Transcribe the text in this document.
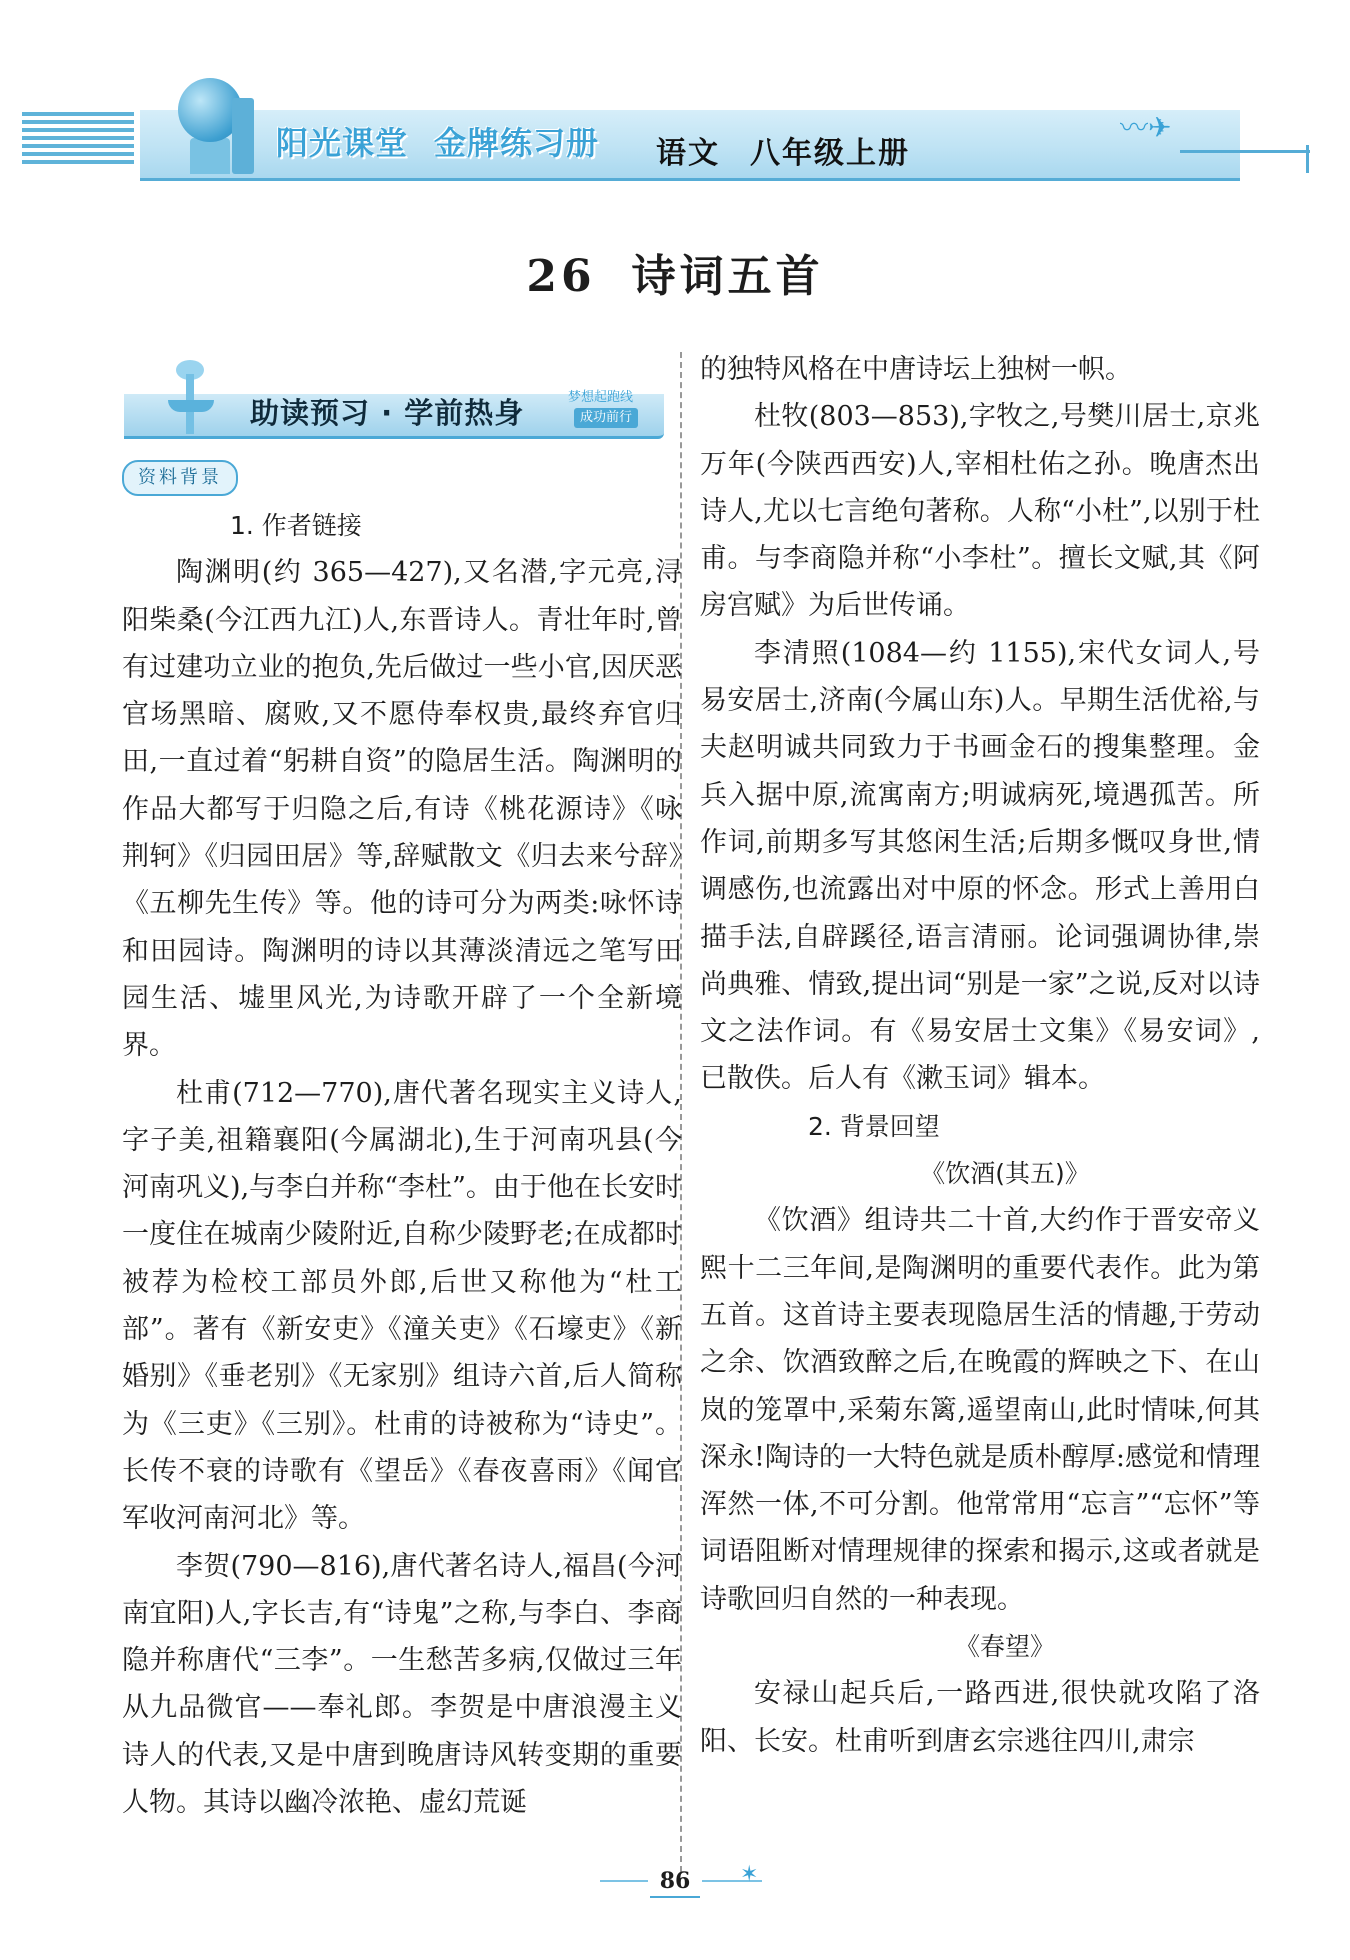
阳光课堂 金牌练习册	语文 八年级上册
〰✈
26 诗词五首
助读预习 · 学前热身	梦想起跑线
成功前行
资料背景

1. 作者链接

陶渊明(约 365—427),又名潜,字元亮,浔阳柴桑(今江西九江)人,东晋诗人。青壮年时,曾有过建功立业的抱负,先后做过一些小官,因厌恶官场黑暗、腐败,又不愿侍奉权贵,最终弃官归田,一直过着“躬耕自资”的隐居生活。陶渊明的作品大都写于归隐之后,有诗《桃花源诗》《咏荆轲》《归园田居》等,辞赋散文《归去来兮辞》《五柳先生传》等。他的诗可分为两类:咏怀诗和田园诗。陶渊明的诗以其薄淡清远之笔写田园生活、墟里风光,为诗歌开辟了一个全新境界。

杜甫(712—770),唐代著名现实主义诗人,字子美,祖籍襄阳(今属湖北),生于河南巩县(今河南巩义),与李白并称“李杜”。由于他在长安时一度住在城南少陵附近,自称少陵野老;在成都时被荐为检校工部员外郎,后世又称他为“杜工部”。著有《新安吏》《潼关吏》《石壕吏》《新婚别》《垂老别》《无家别》组诗六首,后人简称为《三吏》《三别》。杜甫的诗被称为“诗史”。长传不衰的诗歌有《望岳》《春夜喜雨》《闻官军收河南河北》等。

李贺(790—816),唐代著名诗人,福昌(今河南宜阳)人,字长吉,有“诗鬼”之称,与李白、李商隐并称唐代“三李”。一生愁苦多病,仅做过三年从九品微官——奉礼郎。李贺是中唐浪漫主义诗人的代表,又是中唐到晚唐诗风转变期的重要人物。其诗以幽冷浓艳、虚幻荒诞

的独特风格在中唐诗坛上独树一帜。

杜牧(803—853),字牧之,号樊川居士,京兆万年(今陕西西安)人,宰相杜佑之孙。晚唐杰出诗人,尤以七言绝句著称。人称“小杜”,以别于杜甫。与李商隐并称“小李杜”。擅长文赋,其《阿房宫赋》为后世传诵。

李清照(1084—约 1155),宋代女词人,号易安居士,济南(今属山东)人。早期生活优裕,与夫赵明诚共同致力于书画金石的搜集整理。金兵入据中原,流寓南方;明诚病死,境遇孤苦。所作词,前期多写其悠闲生活;后期多慨叹身世,情调感伤,也流露出对中原的怀念。形式上善用白描手法,自辟蹊径,语言清丽。论词强调协律,崇尚典雅、情致,提出词“别是一家”之说,反对以诗文之法作词。有《易安居士文集》《易安词》,已散佚。后人有《漱玉词》辑本。

2. 背景回望

《饮酒(其五)》

《饮酒》组诗共二十首,大约作于晋安帝义熙十二三年间,是陶渊明的重要代表作。此为第五首。这首诗主要表现隐居生活的情趣,于劳动之余、饮酒致醉之后,在晚霞的辉映之下、在山岚的笼罩中,采菊东篱,遥望南山,此时情味,何其深永!陶诗的一大特色就是质朴醇厚:感觉和情理浑然一体,不可分割。他常常用“忘言”“忘怀”等词语阻断对情理规律的探索和揭示,这或者就是诗歌回归自然的一种表现。

《春望》

安禄山起兵后,一路西进,很快就攻陷了洛阳、长安。杜甫听到唐玄宗逃往四川,肃宗

✶
86
